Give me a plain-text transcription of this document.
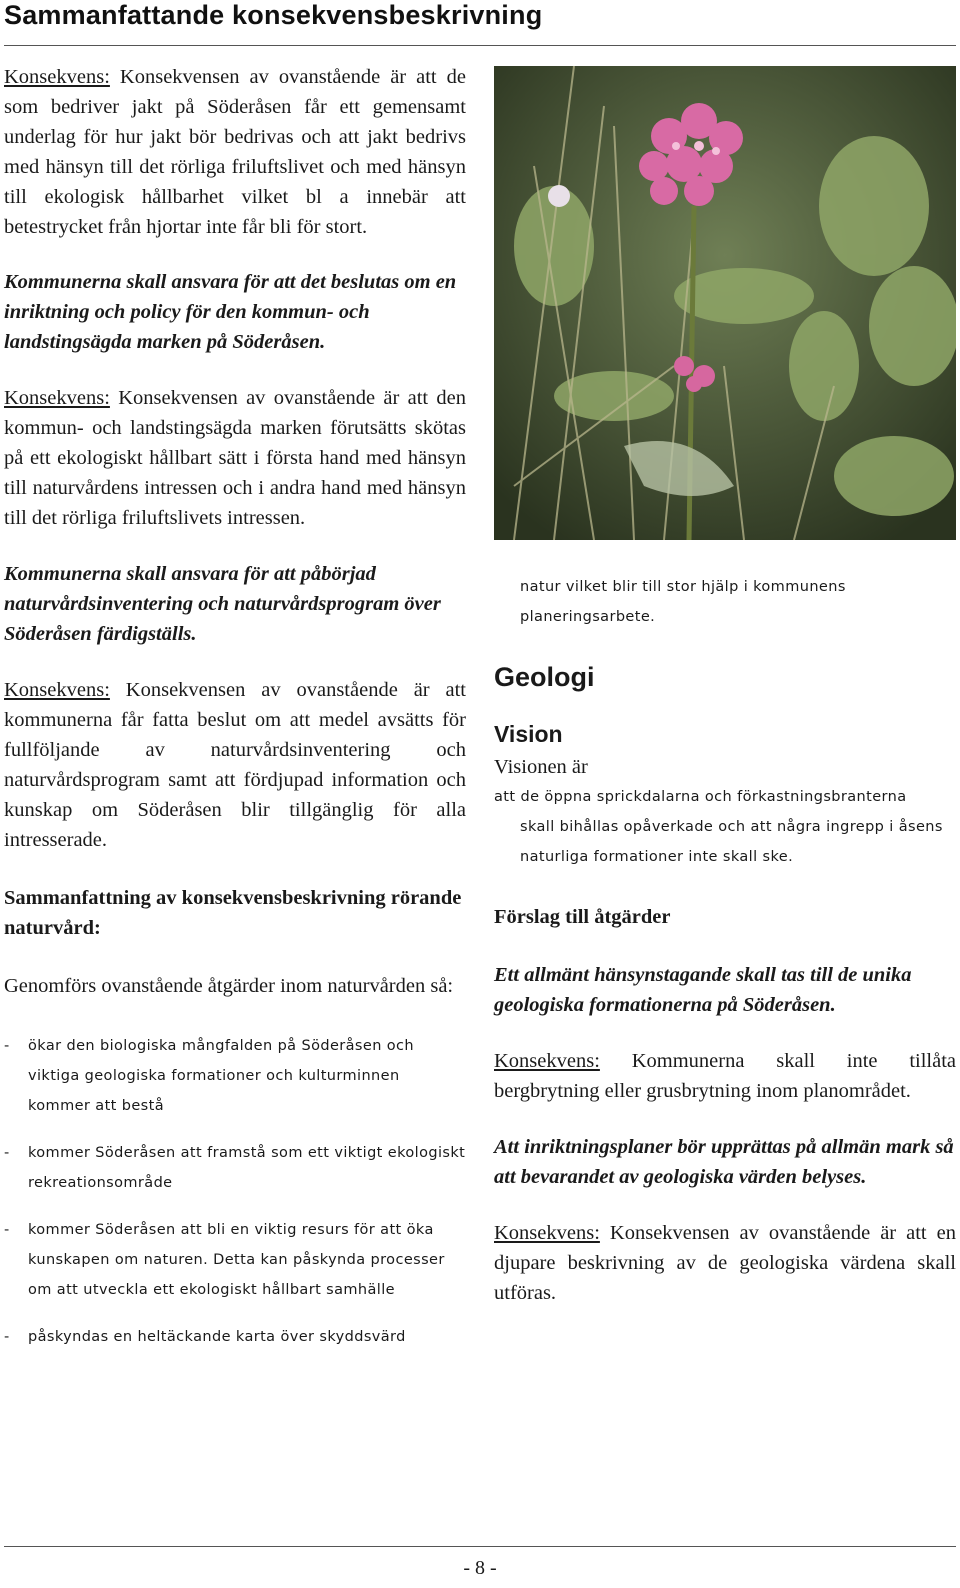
Sammanfattande konsekvensbeskrivning

Konsekvens: Konsekvensen av ovanstående är att de som bedriver jakt på Söderåsen får ett gemensamt underlag för hur jakt bör bedrivas och att jakt bedrivs med hänsyn till det rörliga friluftslivet och med hänsyn till ekologisk hållbarhet vilket bl a innebär att betestrycket från hjortar inte får bli för stort.

Kommunerna skall ansvara för att det beslutas om en inriktning och policy för den kommun- och landstingsägda marken på Söderåsen.

Konsekvens: Konsekvensen av ovanstående är att den kommun- och landstingsägda marken förutsätts skötas på ett ekologiskt hållbart sätt i första hand med hänsyn till naturvårdens intressen och i andra hand med hänsyn till det rörliga friluftslivets intressen.

Kommunerna skall ansvara för att påbörjad naturvårdsinventering och naturvårdsprogram över Söderåsen färdigställs.

Konsekvens: Konsekvensen av ovanstående är att kommunerna får fatta beslut om att medel avsätts för fullföljande av naturvårdsinventering och naturvårdsprogram samt att fördjupad information och kunskap om Söderåsen blir tillgänglig för alla intresserade.

Sammanfattning av konsekvensbeskrivning rörande naturvård:

Genomförs ovanstående åtgärder inom naturvården så:

- ökar den biologiska mångfalden på Söderåsen och viktiga geologiska formationer och kulturminnen kommer att bestå
- kommer Söderåsen att framstå som ett viktigt ekologiskt rekreationsområde
- kommer Söderåsen att bli en viktig resurs för att öka kunskapen om naturen. Detta kan påskynda processer om att utveckla ett ekologiskt hållbart samhälle
- påskyndas en heltäckande karta över skyddsvärd

natur vilket blir till stor hjälp i kommunens planeringsarbete.

Geologi
Vision

Visionen är

att de öppna sprickdalarna och förkastningsbranterna

skall bihållas opåverkade och att några ingrepp i åsens naturliga formationer inte skall ske.

Förslag till åtgärder

Ett allmänt hänsynstagande skall tas till de unika geologiska formationerna på Söderåsen.

Konsekvens: Kommunerna skall inte tillåta bergbrytning eller grusbrytning inom planområdet.

Att inriktningsplaner bör upprättas på allmän mark så att bevarandet av geologiska värden belyses.

Konsekvens: Konsekvensen av ovanstående är att en djupare beskrivning av de geologiska värdena skall utföras.

- 8 -
